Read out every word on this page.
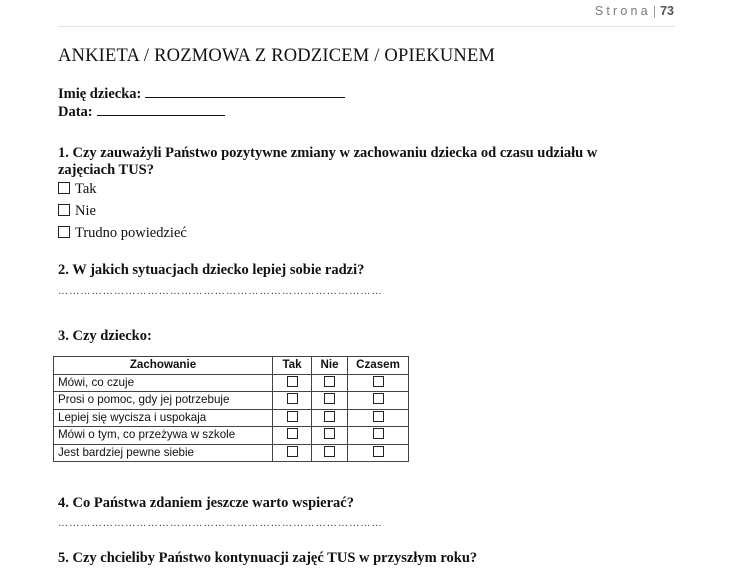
Strona | 73
ANKIETA / ROZMOWA Z RODZICEM / OPIEKUNEM
Imię dziecka:
Data:
1. Czy zauważyli Państwo pozytywne zmiany w zachowaniu dziecka od czasu udziału w
zajęciach TUS?
Tak
Nie
Trudno powiedzieć
2. W jakich sytuacjach dziecko lepiej sobie radzi?
……………………………………………………………………………
3. Czy dziecko:
Zachowanie	Tak	Nie	Czasem
Mówi, co czuje			
Prosi o pomoc, gdy jej potrzebuje			
Lepiej się wycisza i uspokaja			
Mówi o tym, co przeżywa w szkole			
Jest bardziej pewne siebie			
4. Co Państwa zdaniem jeszcze warto wspierać?
……………………………………………………………………………
5. Czy chcieliby Państwo kontynuacji zajęć TUS w przyszłym roku?
